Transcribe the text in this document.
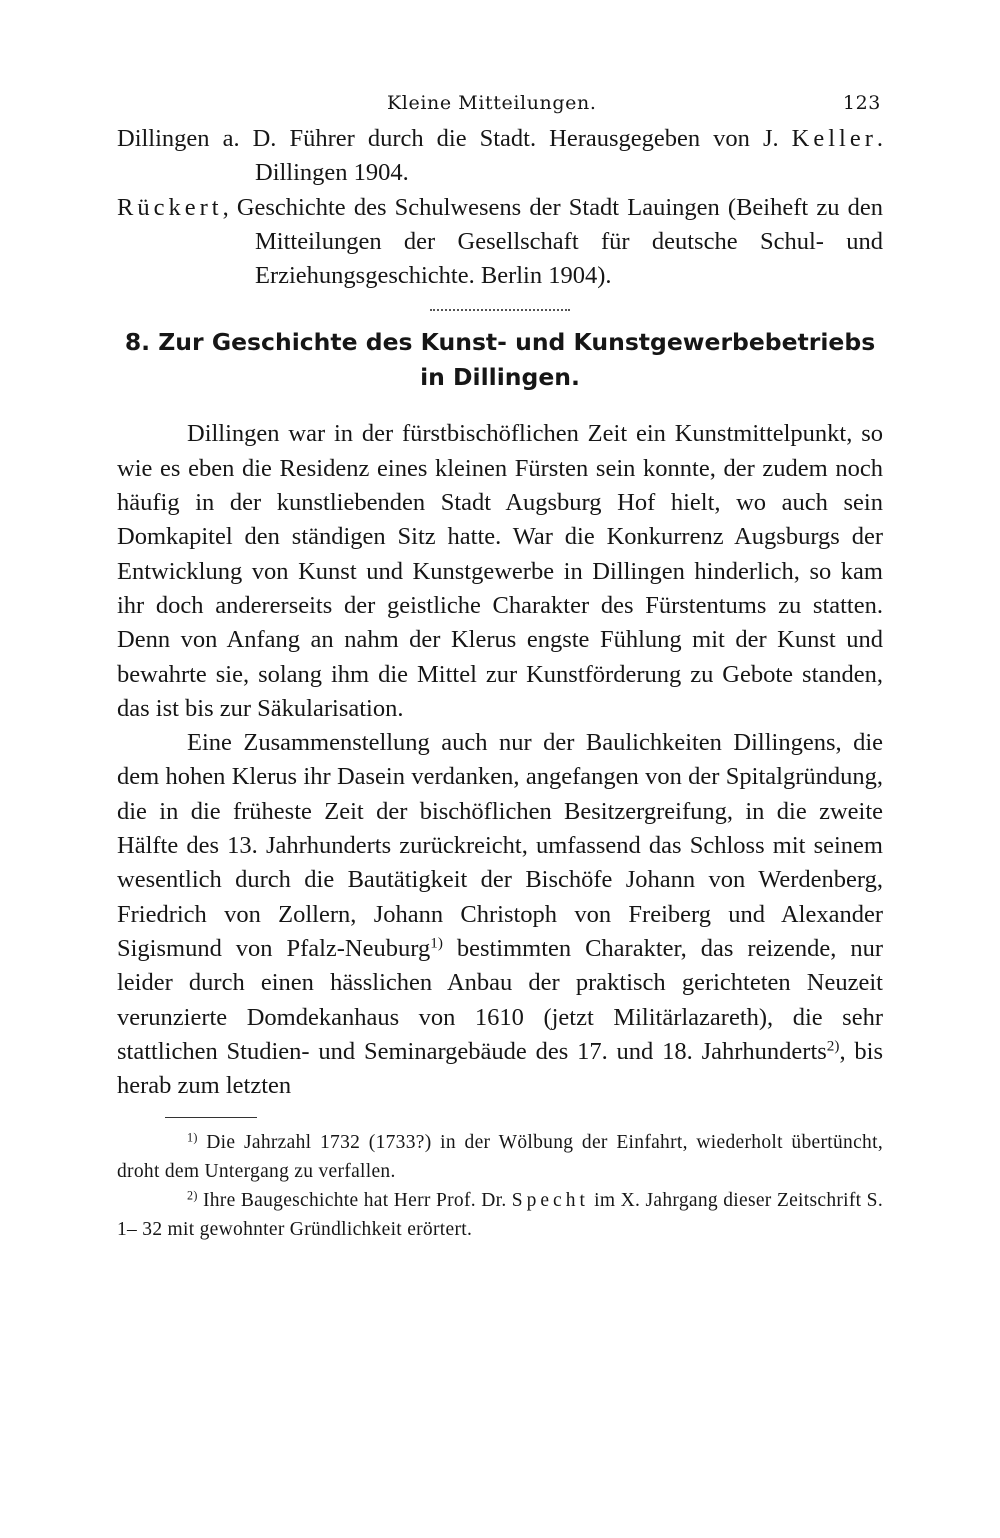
Kleine Mitteilungen.	123

Dillingen a. D. Führer durch die Stadt. Herausgegeben von J. Keller. Dillingen 1904.

Rückert, Geschichte des Schulwesens der Stadt Lauingen (Beiheft zu den Mitteilungen der Gesellschaft für deutsche Schul- und Erziehungsgeschichte. Berlin 1904).

8. Zur Geschichte des Kunst- und Kunstgewerbebetriebs
in Dillingen.

Dillingen war in der fürstbischöflichen Zeit ein Kunstmittelpunkt, so wie es eben die Residenz eines kleinen Fürsten sein konnte, der zudem noch häufig in der kunstliebenden Stadt Augsburg Hof hielt, wo auch sein Domkapitel den ständigen Sitz hatte. War die Konkurrenz Augsburgs der Entwicklung von Kunst und Kunstgewerbe in Dillingen hinderlich, so kam ihr doch andererseits der geistliche Charakter des Fürstentums zu statten. Denn von Anfang an nahm der Klerus engste Fühlung mit der Kunst und bewahrte sie, solang ihm die Mittel zur Kunstförderung zu Gebote standen, das ist bis zur Säkularisation.

Eine Zusammenstellung auch nur der Baulichkeiten Dillingens, die dem hohen Klerus ihr Dasein verdanken, angefangen von der Spitalgründung, die in die früheste Zeit der bischöflichen Besitzergreifung, in die zweite Hälfte des 13. Jahrhunderts zurückreicht, umfassend das Schloss mit seinem wesentlich durch die Bautätigkeit der Bischöfe Johann von Werdenberg, Friedrich von Zollern, Johann Christoph von Freiberg und Alexander Sigismund von Pfalz-Neuburg$^{1)}$ bestimmten Charakter, das reizende, nur leider durch einen hässlichen Anbau der praktisch gerichteten Neuzeit verunzierte Domdekanhaus von 1610 (jetzt Militärlazareth), die sehr stattlichen Studien- und Seminargebäude des 17. und 18. Jahrhunderts$^{2)}$, bis herab zum letzten

$^{1)}$ Die Jahrzahl 1732 (1733?) in der Wölbung der Einfahrt, wiederholt übertüncht, droht dem Untergang zu verfallen.

$^{2)}$ Ihre Baugeschichte hat Herr Prof. Dr. Specht im X. Jahrgang dieser Zeitschrift S. 1– 32 mit gewohnter Gründlichkeit erörtert.
